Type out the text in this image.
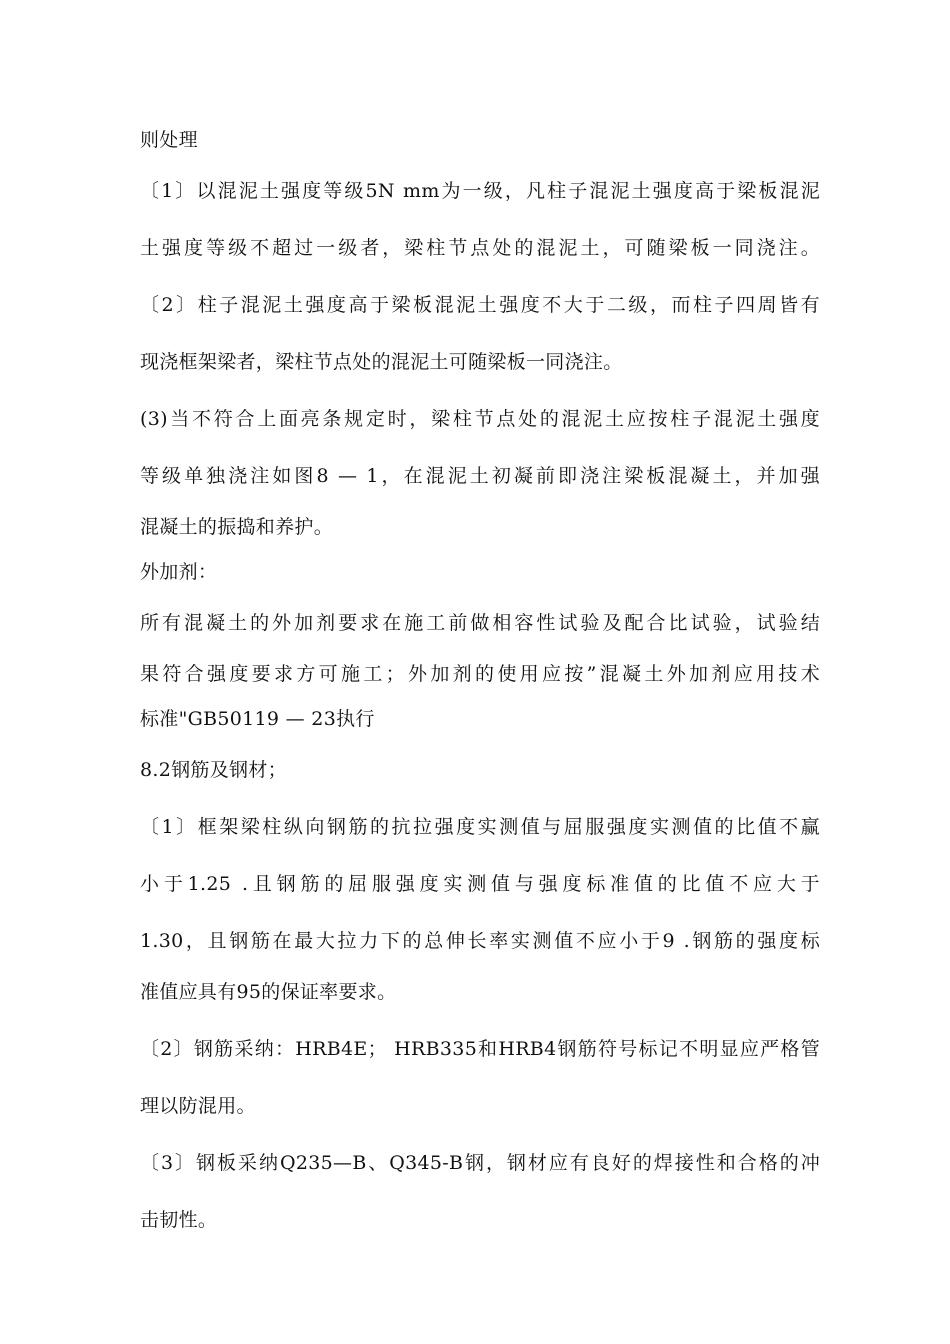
则处理
〔1〕以混泥土强度等级5N mm为一级，凡柱子混泥土强度高于梁板混泥
土强度等级不超过一级者，梁柱节点处的混泥土，可随梁板一同浇注。
〔2〕柱子混泥土强度高于梁板混泥土强度不大于二级，而柱子四周皆有
现浇框架梁者，梁柱节点处的混泥土可随梁板一同浇注。
(3)当不符合上面亮条规定时，梁柱节点处的混泥土应按柱子混泥土强度
等级单独浇注如图8 — 1，在混泥土初凝前即浇注梁板混凝土，并加强
混凝土的振捣和养护。
外加剂：
所有混凝土的外加剂要求在施工前做相容性试验及配合比试验，试验结
果符合强度要求方可施工；外加剂的使用应按”混凝土外加剂应用技术
标准"GB50119 — 23执行
8.2钢筋及钢材；
〔1〕框架梁柱纵向钢筋的抗拉强度实测值与屈服强度实测值的比值不赢
小于1.25 .且钢筋的屈服强度实测值与强度标准值的比值不应大于
1.30，且钢筋在最大拉力下的总伸长率实测值不应小于9 .钢筋的强度标
准值应具有95的保证率要求。
〔2〕钢筋采纳：HRB4E； HRB335和HRB4钢筋符号标记不明显应严格管
理以防混用。
〔3〕钢板采纳Q235—B、Q345-B钢，钢材应有良好的焊接性和合格的冲
击韧性。
